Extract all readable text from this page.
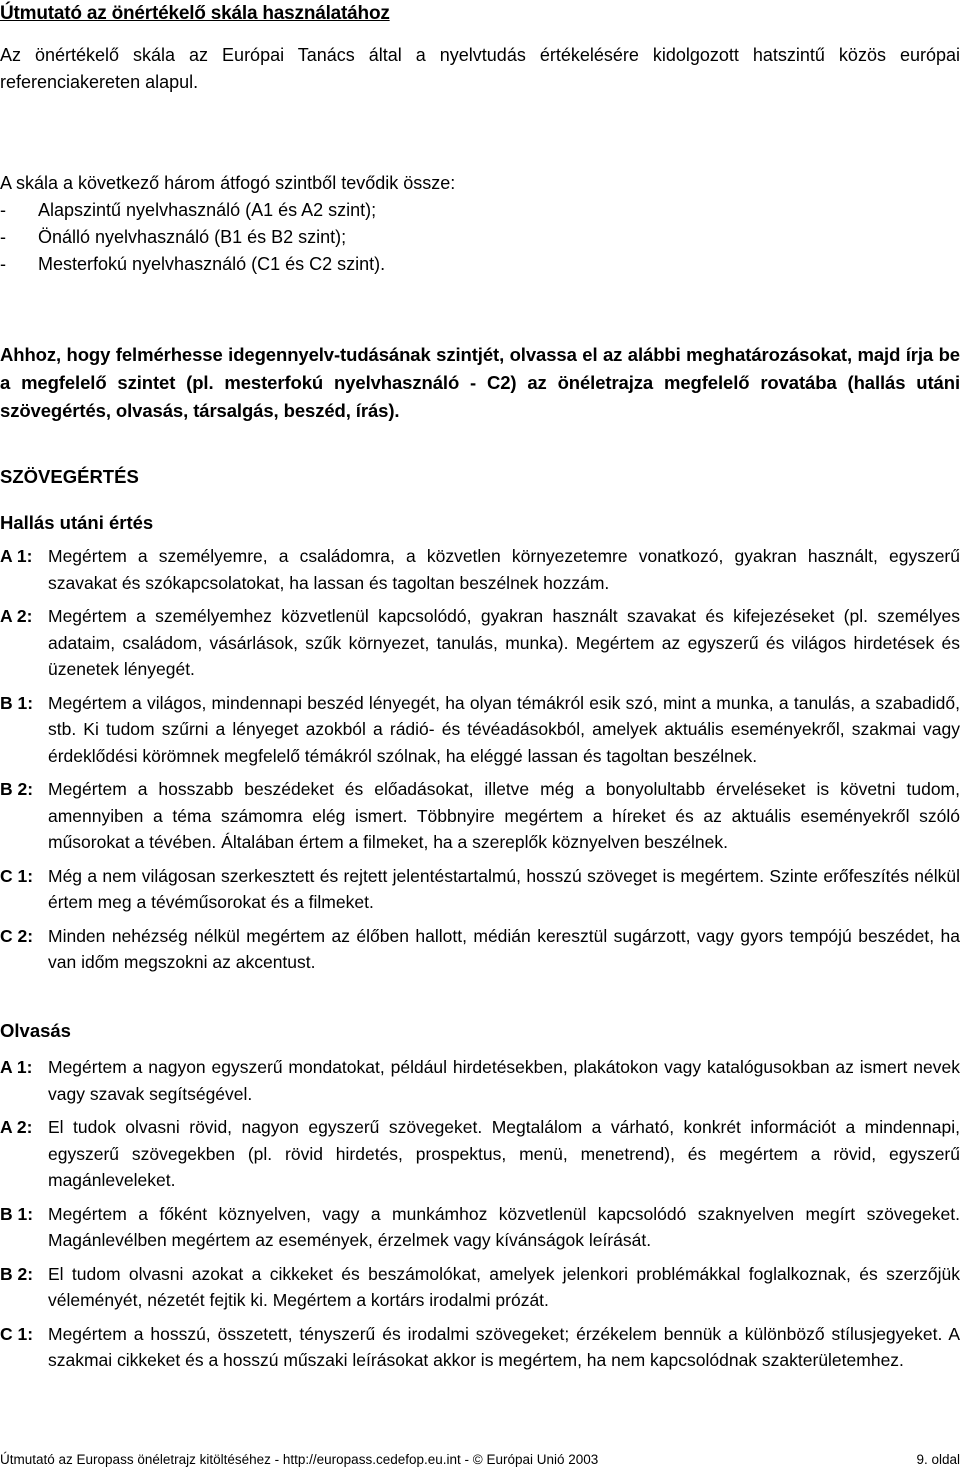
Útmutató az önértékelő skála használatához

Az önértékelő skála az Európai Tanács által a nyelvtudás értékelésére kidolgozott hatszintű közös európai referenciakereten alapul.

A skála a következő három átfogó szintből tevődik össze:
-	Alapszintű nyelvhasználó (A1 és A2 szint);
-	Önálló nyelvhasználó (B1 és B2 szint);
-	Mesterfokú nyelvhasználó (C1 és C2 szint).

Ahhoz, hogy felmérhesse idegennyelv-tudásának szintjét, olvassa el az alábbi meghatározásokat, majd írja be a megfelelő szintet (pl. mesterfokú nyelvhasználó - C2) az önéletrajza megfelelő rovatába (hallás utáni szövegértés, olvasás, társalgás, beszéd, írás).

SZÖVEGÉRTÉS
Hallás utáni értés
A 1: Megértem a személyemre, a családomra, a közvetlen környezetemre vonatkozó, gyakran használt, egyszerű szavakat és szókapcsolatokat, ha lassan és tagoltan beszélnek hozzám.
A 2: Megértem a személyemhez közvetlenül kapcsolódó, gyakran használt szavakat és kifejezéseket (pl. személyes adataim, családom, vásárlások, szűk környezet, tanulás, munka). Megértem az egyszerű és világos hirdetések és üzenetek lényegét.
B 1: Megértem a világos, mindennapi beszéd lényegét, ha olyan témákról esik szó, mint a munka, a tanulás, a szabadidő, stb. Ki tudom szűrni a lényeget azokból a rádió- és tévéadásokból, amelyek aktuális eseményekről, szakmai vagy érdeklődési körömnek megfelelő témákról szólnak, ha eléggé lassan és tagoltan beszélnek.
B 2: Megértem a hosszabb beszédeket és előadásokat, illetve még a bonyolultabb érveléseket is követni tudom, amennyiben a téma számomra elég ismert. Többnyire megértem a híreket és az aktuális eseményekről szóló műsorokat a tévében. Általában értem a filmeket, ha a szereplők köznyelven beszélnek.
C 1: Még a nem világosan szerkesztett és rejtett jelentéstartalmú, hosszú szöveget is megértem. Szinte erőfeszítés nélkül értem meg a tévéműsorokat és a filmeket.
C 2: Minden nehézség nélkül megértem az élőben hallott, médián keresztül sugárzott, vagy gyors tempójú beszédet, ha van időm megszokni az akcentust.
Olvasás
A 1: Megértem a nagyon egyszerű mondatokat, például hirdetésekben, plakátokon vagy katalógusokban az ismert nevek vagy szavak segítségével.
A 2: El tudok olvasni rövid, nagyon egyszerű szövegeket. Megtalálom a várható, konkrét információt a mindennapi, egyszerű szövegekben (pl. rövid hirdetés, prospektus, menü, menetrend), és megértem a rövid, egyszerű magánleveleket.
B 1: Megértem a főként köznyelven, vagy a munkámhoz közvetlenül kapcsolódó szaknyelven megírt szövegeket. Magánlevélben megértem az események, érzelmek vagy kívánságok leírását.
B 2: El tudom olvasni azokat a cikkeket és beszámolókat, amelyek jelenkori problémákkal foglalkoznak, és szerzőjük véleményét, nézetét fejtik ki. Megértem a kortárs irodalmi prózát.
C 1: Megértem a hosszú, összetett, tényszerű és irodalmi szövegeket; érzékelem bennük a különböző stílusjegyeket. A szakmai cikkeket és a hosszú műszaki leírásokat akkor is megértem, ha nem kapcsolódnak szakterületemhez.
Útmutató az Europass önéletrajz kitöltéséhez - http://europass.cedefop.eu.int - © Európai Unió 2003	9. oldal
